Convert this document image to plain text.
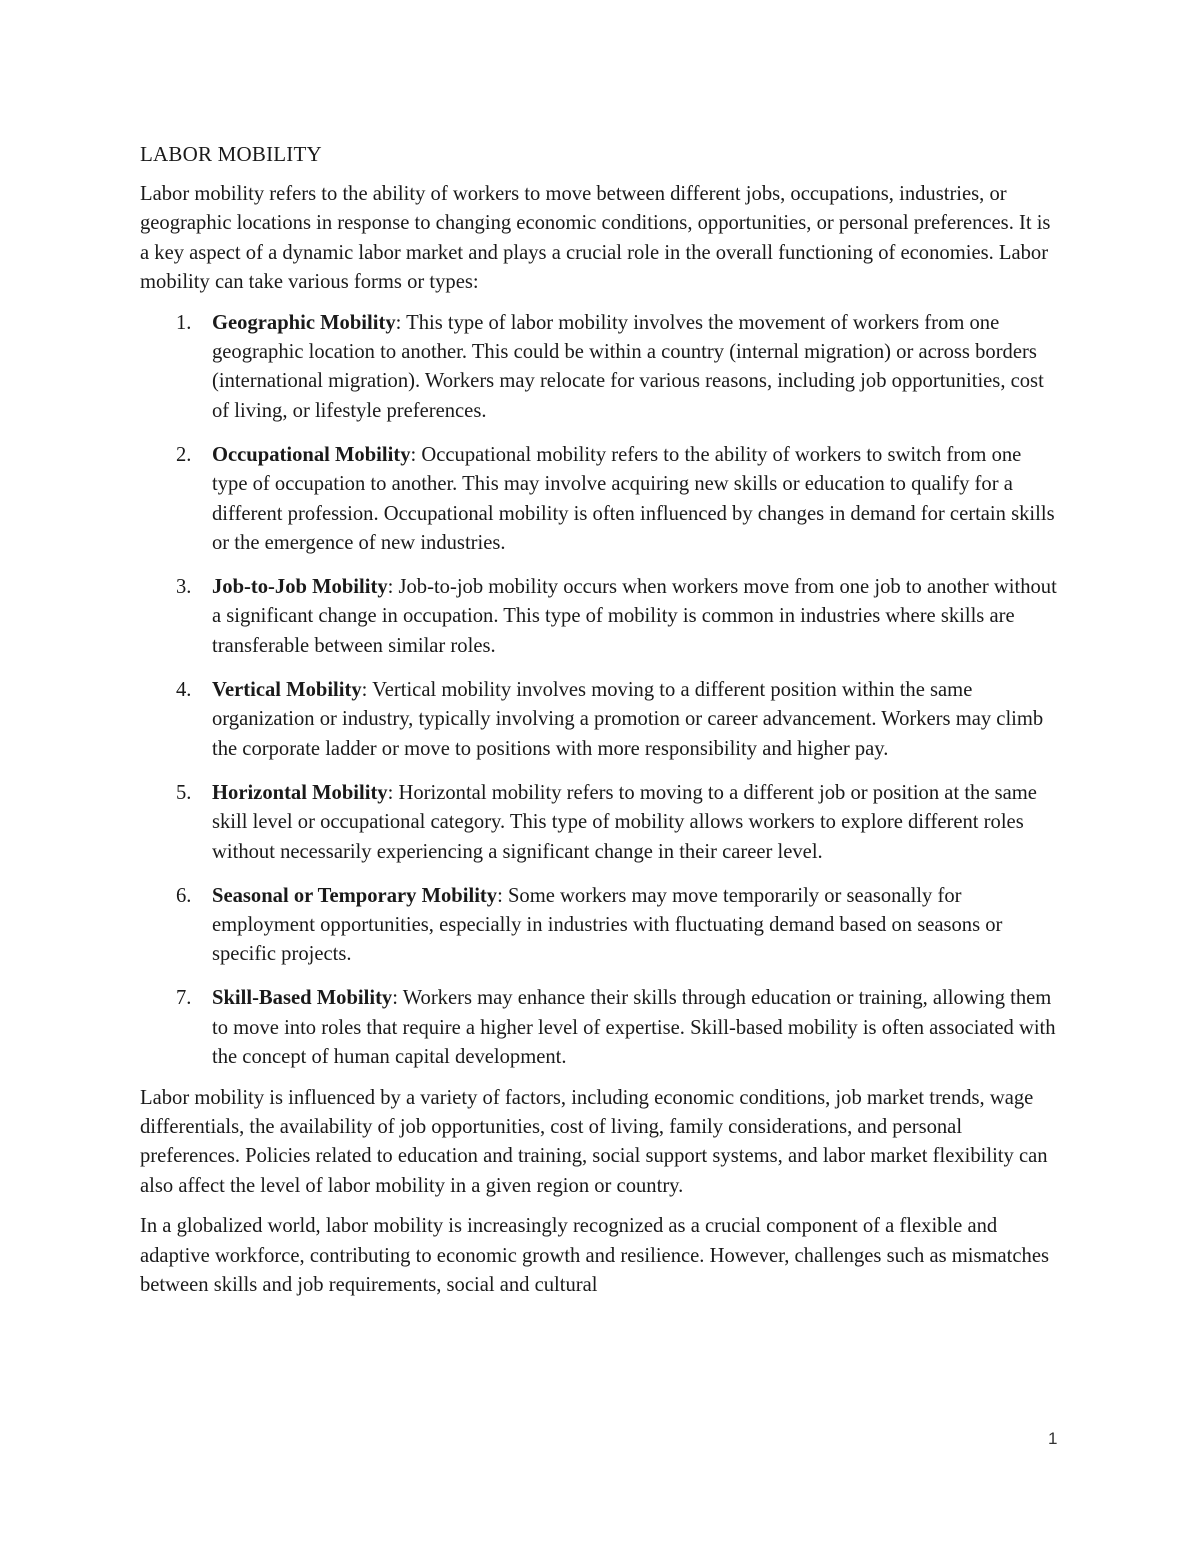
LABOR MOBILITY

Labor mobility refers to the ability of workers to move between different jobs, occupations, industries, or geographic locations in response to changing economic conditions, opportunities, or personal preferences. It is a key aspect of a dynamic labor market and plays a crucial role in the overall functioning of economies. Labor mobility can take various forms or types:

1. Geographic Mobility: This type of labor mobility involves the movement of workers from one geographic location to another. This could be within a country (internal migration) or across borders (international migration). Workers may relocate for various reasons, including job opportunities, cost of living, or lifestyle preferences.
2. Occupational Mobility: Occupational mobility refers to the ability of workers to switch from one type of occupation to another. This may involve acquiring new skills or education to qualify for a different profession. Occupational mobility is often influenced by changes in demand for certain skills or the emergence of new industries.
3. Job-to-Job Mobility: Job-to-job mobility occurs when workers move from one job to another without a significant change in occupation. This type of mobility is common in industries where skills are transferable between similar roles.
4. Vertical Mobility: Vertical mobility involves moving to a different position within the same organization or industry, typically involving a promotion or career advancement. Workers may climb the corporate ladder or move to positions with more responsibility and higher pay.
5. Horizontal Mobility: Horizontal mobility refers to moving to a different job or position at the same skill level or occupational category. This type of mobility allows workers to explore different roles without necessarily experiencing a significant change in their career level.
6. Seasonal or Temporary Mobility: Some workers may move temporarily or seasonally for employment opportunities, especially in industries with fluctuating demand based on seasons or specific projects.
7. Skill-Based Mobility: Workers may enhance their skills through education or training, allowing them to move into roles that require a higher level of expertise. Skill-based mobility is often associated with the concept of human capital development.

Labor mobility is influenced by a variety of factors, including economic conditions, job market trends, wage differentials, the availability of job opportunities, cost of living, family considerations, and personal preferences. Policies related to education and training, social support systems, and labor market flexibility can also affect the level of labor mobility in a given region or country.

In a globalized world, labor mobility is increasingly recognized as a crucial component of a flexible and adaptive workforce, contributing to economic growth and resilience. However, challenges such as mismatches between skills and job requirements, social and cultural

1
